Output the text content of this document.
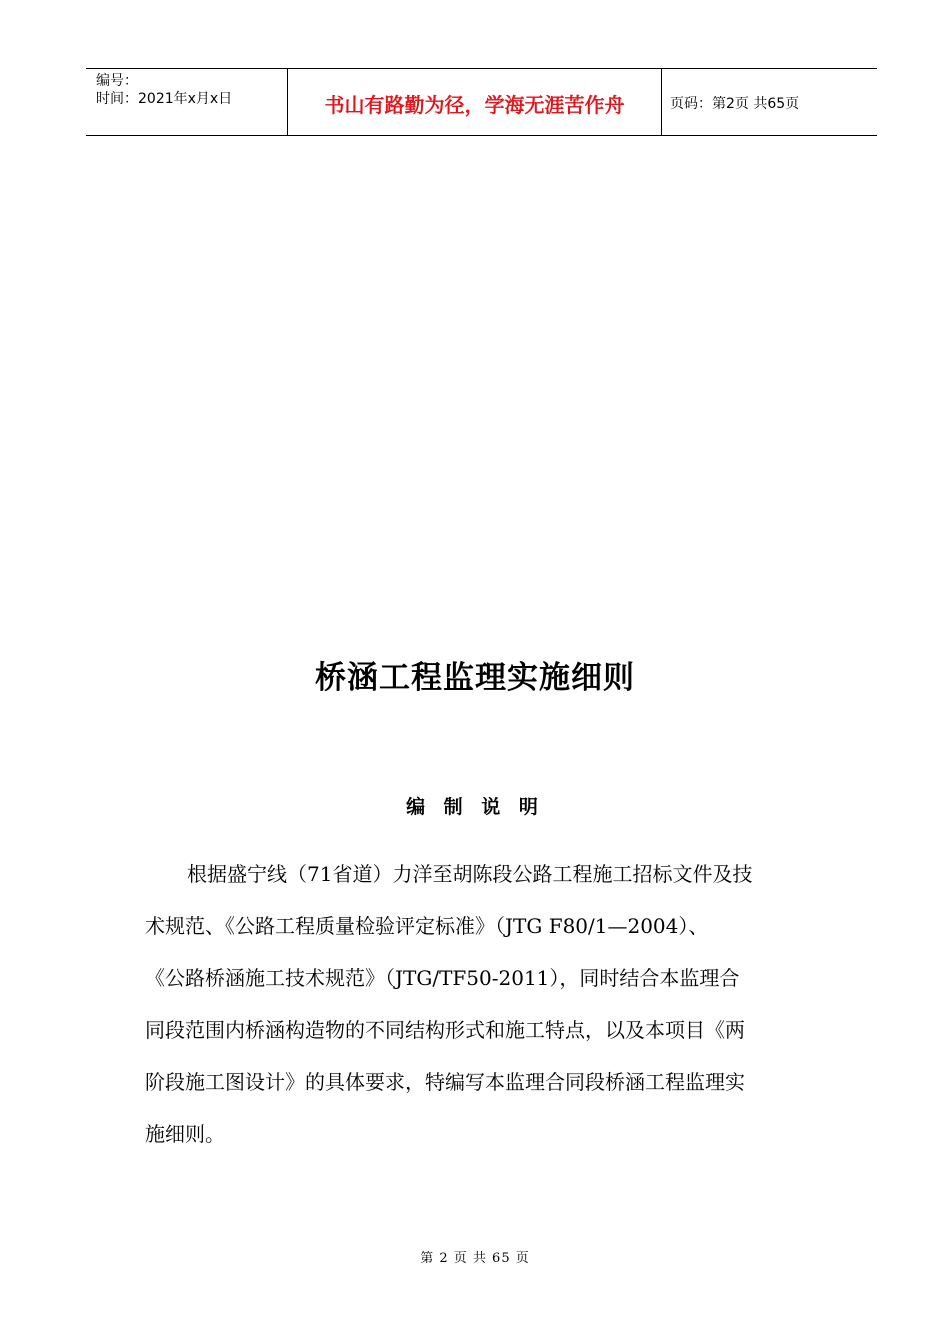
编号：
时间：2021年x月x日	书山有路勤为径，学海无涯苦作舟	页码：第2页 共65页
桥涵工程监理实施细则
编 制 说 明
根据盛宁线（71省道）力洋至胡陈段公路工程施工招标文件及技
术规范、《公路工程质量检验评定标准》（JTG F80/1—2004）、
《公路桥涵施工技术规范》（JTG/TF50-2011），同时结合本监理合
同段范围内桥涵构造物的不同结构形式和施工特点，以及本项目《两
阶段施工图设计》的具体要求，特编写本监理合同段桥涵工程监理实
施细则。
第 2 页 共 65 页
